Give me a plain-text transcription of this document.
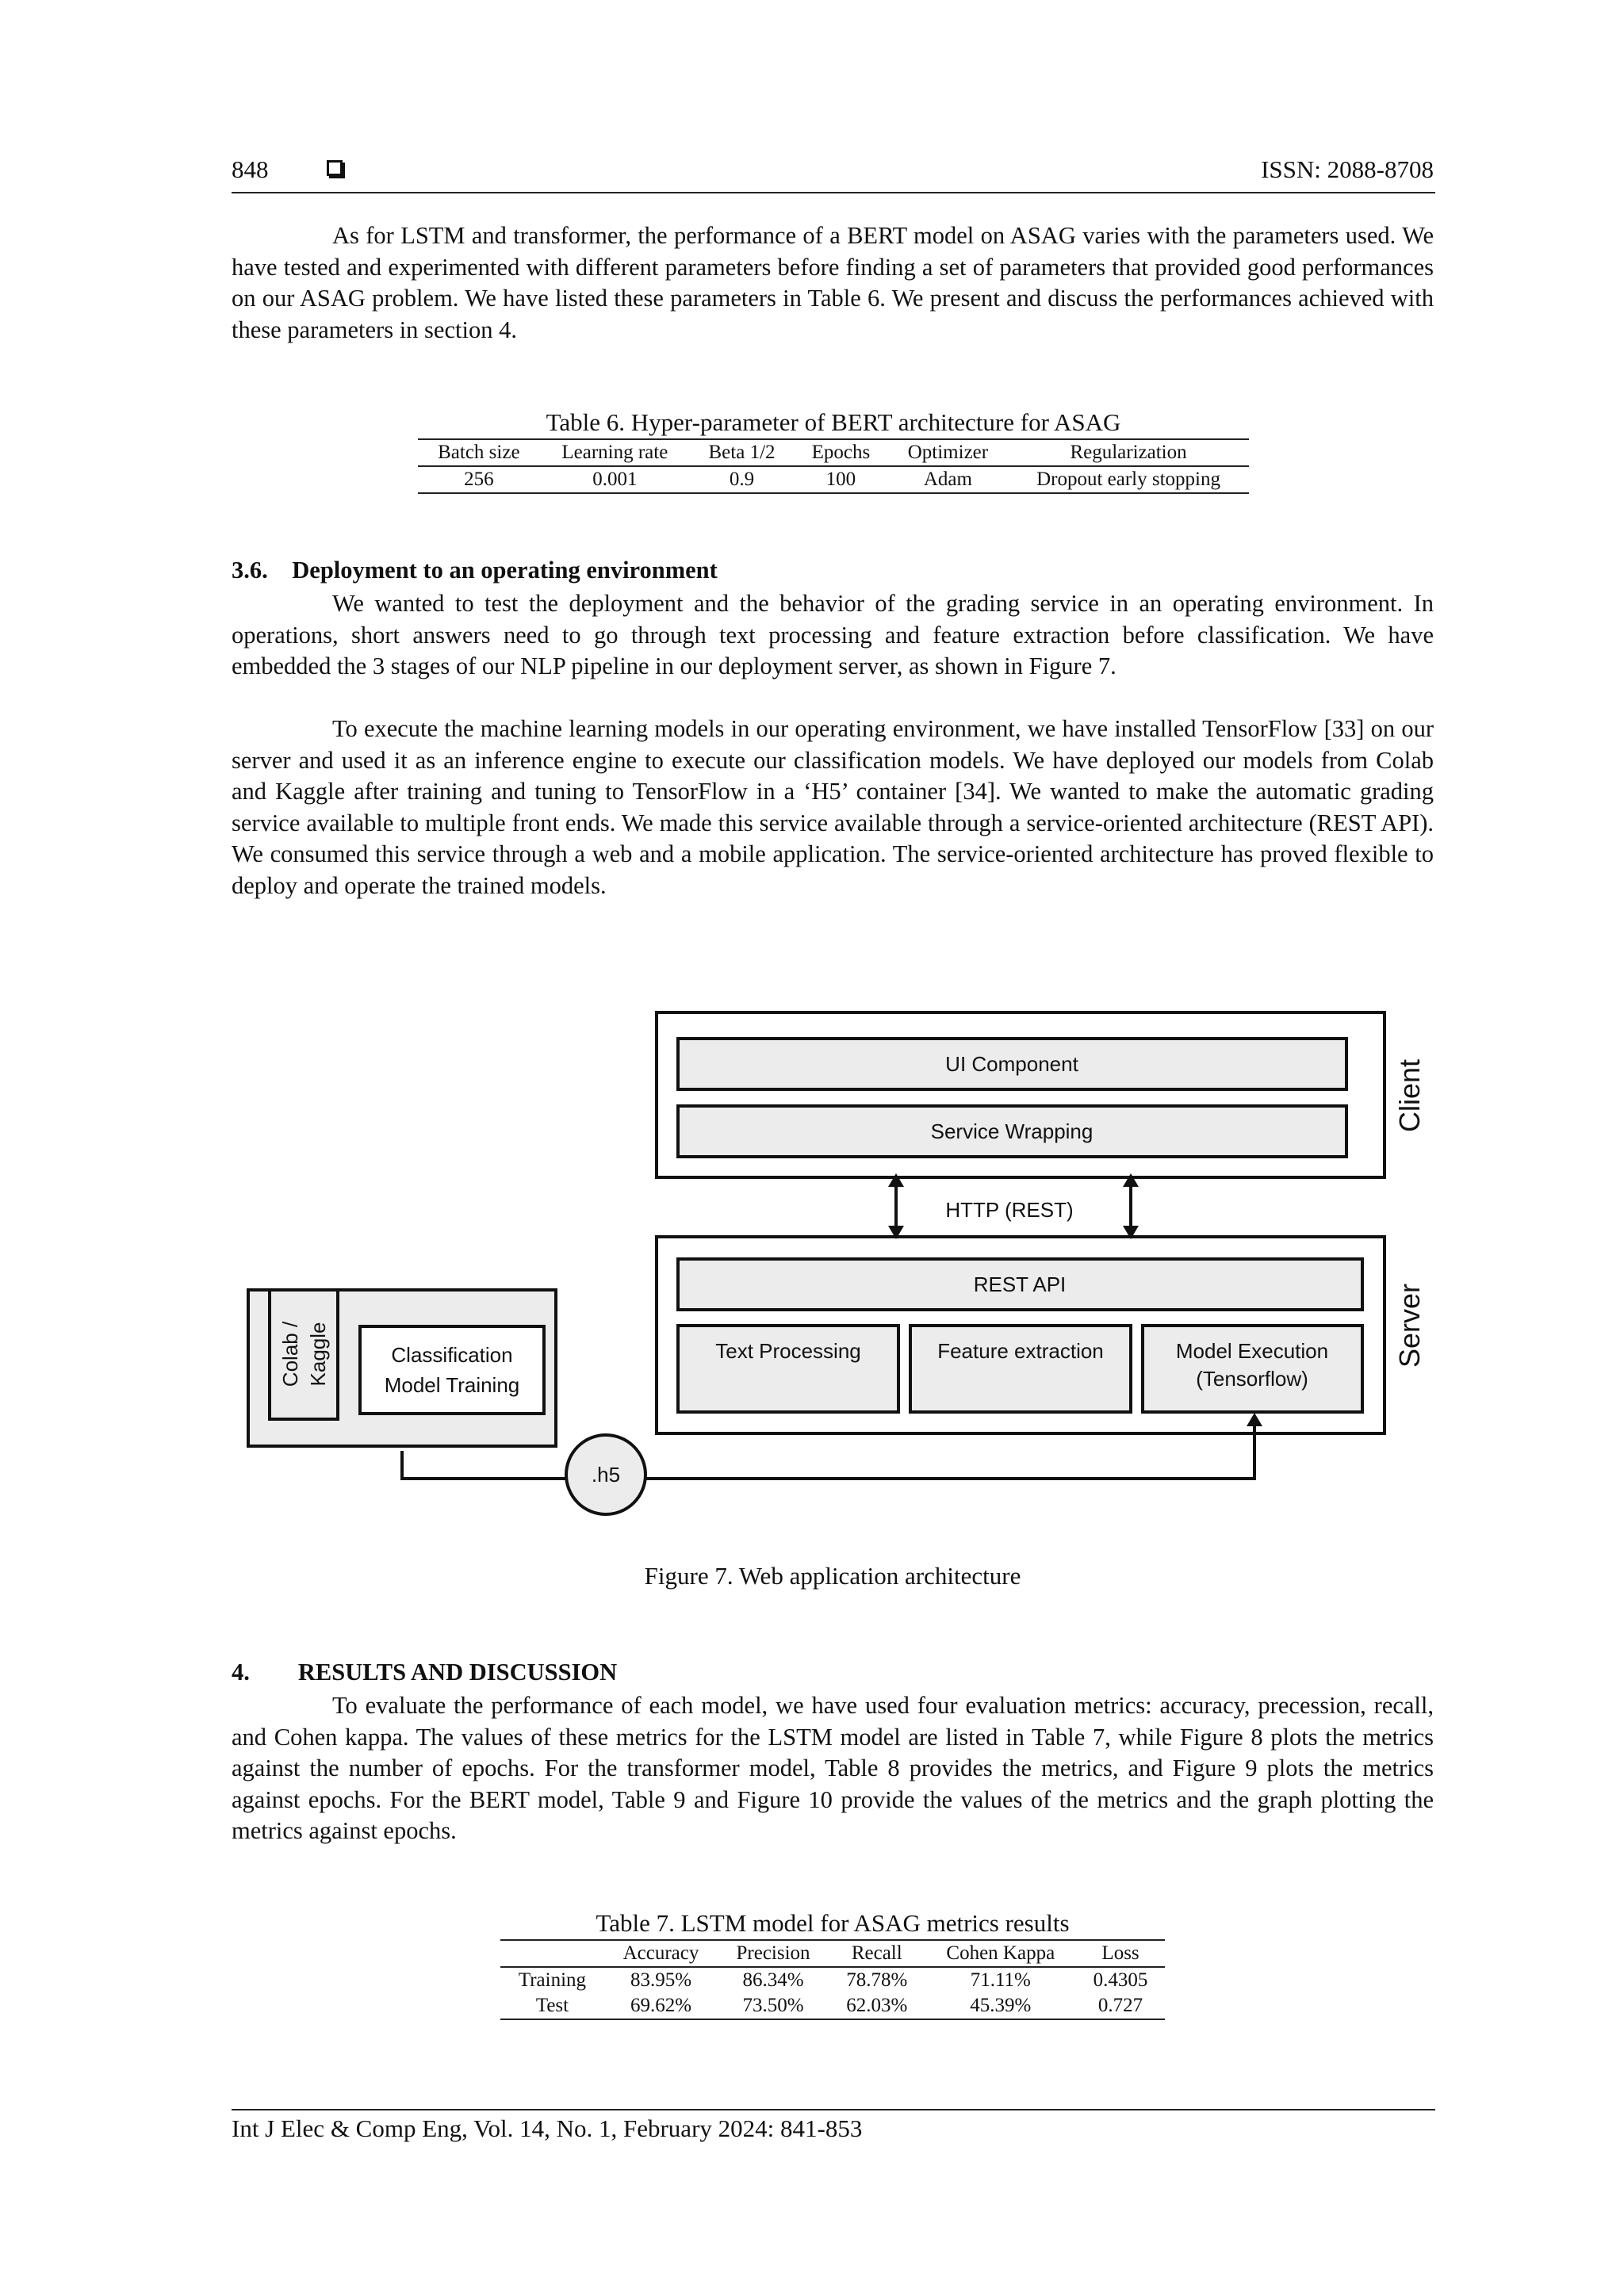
848	ISSN: 2088-8708

As for LSTM and transformer, the performance of a BERT model on ASAG varies with the parameters used. We have tested and experimented with different parameters before finding a set of parameters that provided good performances on our ASAG problem. We have listed these parameters in Table 6. We present and discuss the performances achieved with these parameters in section 4.

Table 6. Hyper-parameter of BERT architecture for ASAG
Batch size	Learning rate	Beta 1/2	Epochs	Optimizer	Regularization
256	0.001	0.9	100	Adam	Dropout early stopping
3.6. Deployment to an operating environment

We wanted to test the deployment and the behavior of the grading service in an operating environment. In operations, short answers need to go through text processing and feature extraction before classification. We have embedded the 3 stages of our NLP pipeline in our deployment server, as shown in Figure 7.

To execute the machine learning models in our operating environment, we have installed TensorFlow [33] on our server and used it as an inference engine to execute our classification models. We have deployed our models from Colab and Kaggle after training and tuning to TensorFlow in a ‘H5’ container [34]. We wanted to make the automatic grading service available to multiple front ends. We made this service available through a service-oriented architecture (REST API). We consumed this service through a web and a mobile application. The service-oriented architecture has proved flexible to deploy and operate the trained models.

UI Component
Service Wrapping
HTTP (REST)
REST API
Text Processing	Feature extraction	Model Execution
(Tensorflow)
Classification
Model Training
.h5
Colab / Kaggle
Client
Server
Figure 7. Web application architecture
4.  RESULTS AND DISCUSSION

To evaluate the performance of each model, we have used four evaluation metrics: accuracy, precession, recall, and Cohen kappa. The values of these metrics for the LSTM model are listed in Table 7, while Figure 8 plots the metrics against the number of epochs. For the transformer model, Table 8 provides the metrics, and Figure 9 plots the metrics against epochs. For the BERT model, Table 9 and Figure 10 provide the values of the metrics and the graph plotting the metrics against epochs.

Table 7. LSTM model for ASAG metrics results
	Accuracy	Precision	Recall	Cohen Kappa	Loss
Training	83.95%	86.34%	78.78%	71.11%	0.4305
Test	69.62%	73.50%	62.03%	45.39%	0.727
Int J Elec & Comp Eng, Vol. 14, No. 1, February 2024: 841-853
